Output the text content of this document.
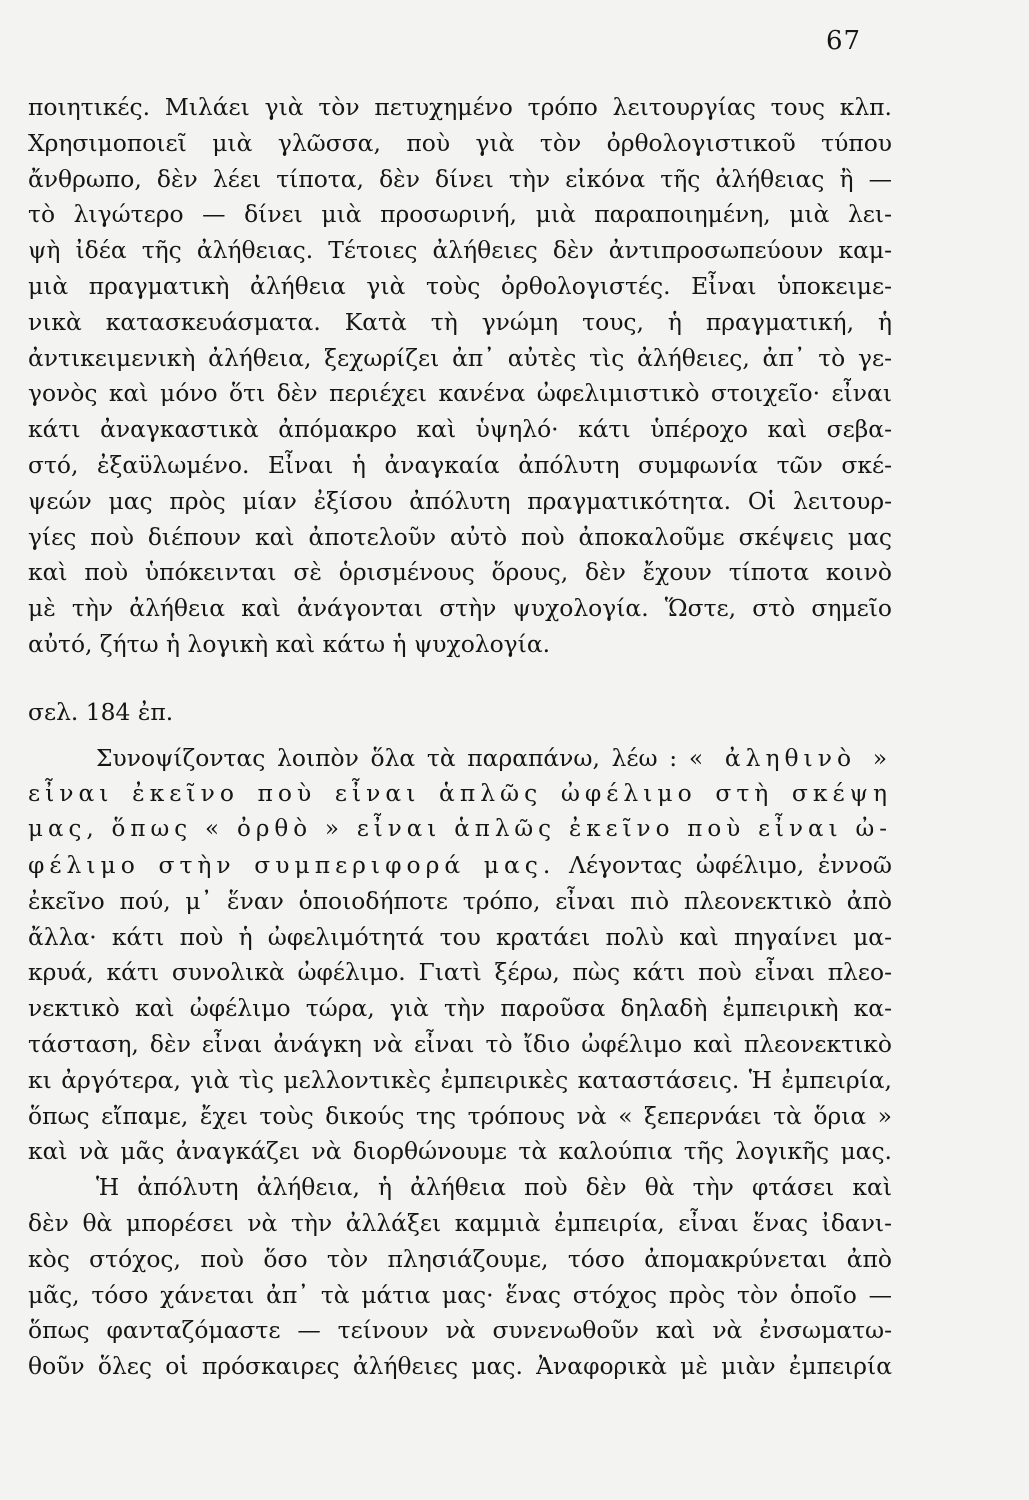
67
ποιητικές. Μιλάει γιὰ τὸν πετυχημένο τρόπο λειτουργίας τους κλπ.
Χρησιμοποιεῖ μιὰ γλῶσσα, ποὺ γιὰ τὸν ὀρθολογιστικοῦ τύπου
ἄνθρωπο, δὲν λέει τίποτα, δὲν δίνει τὴν εἰκόνα τῆς ἀλήθειας ἢ —
τὸ λιγώτερο — δίνει μιὰ προσωρινή, μιὰ παραποιημένη, μιὰ λει-
ψὴ ἰδέα τῆς ἀλήθειας. Τέτοιες ἀλήθειες δὲν ἀντιπροσωπεύουν καμ-
μιὰ πραγματικὴ ἀλήθεια γιὰ τοὺς ὀρθολογιστές. Εἶναι ὑποκειμε-
νικὰ κατασκευάσματα. Κατὰ τὴ γνώμη τους, ἡ πραγματική, ἡ
ἀντικειμενικὴ ἀλήθεια, ξεχωρίζει ἀπ᾿ αὐτὲς τὶς ἀλήθειες, ἀπ᾿ τὸ γε-
γονὸς καὶ μόνο ὅτι δὲν περιέχει κανένα ὠφελιμιστικὸ στοιχεῖο· εἶναι
κάτι ἀναγκαστικὰ ἀπόμακρο καὶ ὑψηλό· κάτι ὑπέροχο καὶ σεβα-
στό, ἐξαϋλωμένο. Εἶναι ἡ ἀναγκαία ἀπόλυτη συμφωνία τῶν σκέ-
ψεών μας πρὸς μίαν ἐξίσου ἀπόλυτη πραγματικότητα. Οἱ λειτουρ-
γίες ποὺ διέπουν καὶ ἀποτελοῦν αὐτὸ ποὺ ἀποκαλοῦμε σκέψεις μας
καὶ ποὺ ὑπόκεινται σὲ ὁρισμένους ὅρους, δὲν ἔχουν τίποτα κοινὸ
μὲ τὴν ἀλήθεια καὶ ἀνάγονται στὴν ψυχολογία. Ὥστε, στὸ σημεῖο
αὐτό, ζήτω ἡ λογικὴ καὶ κάτω ἡ ψυχολογία.
σελ. 184 ἐπ.
Συνοψίζοντας λοιπὸν ὅλα τὰ παραπάνω, λέω : « ἀληθινὸ »
εἶναι ἐκεῖνο ποὺ εἶναι ἁπλῶς ὠφέλιμο στὴ σκέψη
μας, ὅπως « ὀρθὸ » εἶναι ἁπλῶς ἐκεῖνο ποὺ εἶναι ὠ-
φέλιμο στὴν συμπεριφορά μας. Λέγοντας ὠφέλιμο, ἐννοῶ
ἐκεῖνο πού, μ᾿ ἕναν ὁποιοδήποτε τρόπο, εἶναι πιὸ πλεονεκτικὸ ἀπὸ
ἄλλα· κάτι ποὺ ἡ ὠφελιμότητά του κρατάει πολὺ καὶ πηγαίνει μα-
κρυά, κάτι συνολικὰ ὠφέλιμο. Γιατὶ ξέρω, πὼς κάτι ποὺ εἶναι πλεο-
νεκτικὸ καὶ ὠφέλιμο τώρα, γιὰ τὴν παροῦσα δηλαδὴ ἐμπειρικὴ κα-
τάσταση, δὲν εἶναι ἀνάγκη νὰ εἶναι τὸ ἴδιο ὠφέλιμο καὶ πλεονεκτικὸ
κι ἀργότερα, γιὰ τὶς μελλοντικὲς ἐμπειρικὲς καταστάσεις. Ἡ ἐμπειρία,
ὅπως εἴπαμε, ἔχει τοὺς δικούς της τρόπους νὰ « ξεπερνάει τὰ ὅρια »
καὶ νὰ μᾶς ἀναγκάζει νὰ διορθώνουμε τὰ καλούπια τῆς λογικῆς μας.
Ἡ ἀπόλυτη ἀλήθεια, ἡ ἀλήθεια ποὺ δὲν θὰ τὴν φτάσει καὶ
δὲν θὰ μπορέσει νὰ τὴν ἀλλάξει καμμιὰ ἐμπειρία, εἶναι ἕνας ἰδανι-
κὸς στόχος, ποὺ ὅσο τὸν πλησιάζουμε, τόσο ἀπομακρύνεται ἀπὸ
μᾶς, τόσο χάνεται ἀπ᾿ τὰ μάτια μας· ἕνας στόχος πρὸς τὸν ὁποῖο —
ὅπως φανταζόμαστε — τείνουν νὰ συνενωθοῦν καὶ νὰ ἐνσωματω-
θοῦν ὅλες οἱ πρόσκαιρες ἀλήθειες μας. Ἀναφορικὰ μὲ μιὰν ἐμπειρία
